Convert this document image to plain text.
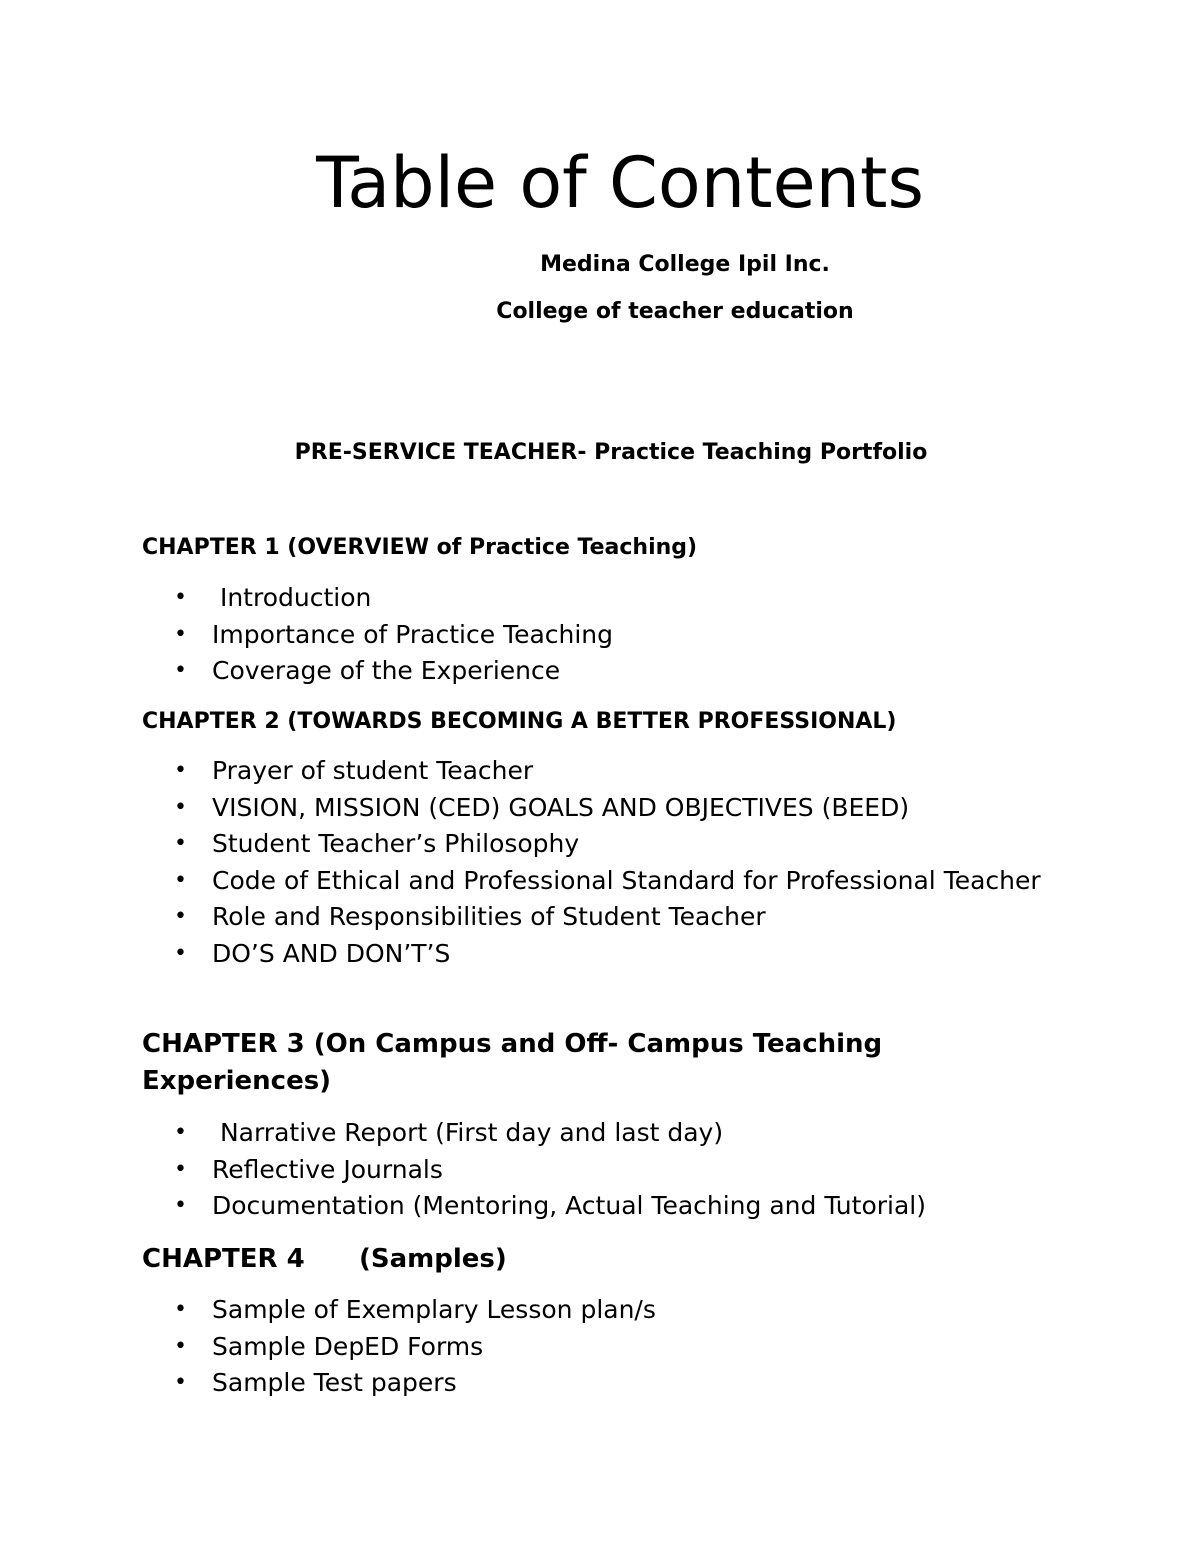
Table of Contents

Medina College Ipil Inc.

College of teacher education

PRE-SERVICE TEACHER- Practice Teaching Portfolio

CHAPTER 1 (OVERVIEW of Practice Teaching)

• Introduction
• Importance of Practice Teaching
• Coverage of the Experience

CHAPTER 2 (TOWARDS BECOMING A BETTER PROFESSIONAL)

• Prayer of student Teacher
• VISION, MISSION (CED) GOALS AND OBJECTIVES (BEED)
• Student Teacher’s Philosophy
• Code of Ethical and Professional Standard for Professional Teacher
• Role and Responsibilities of Student Teacher
• DO’S AND DON’T’S

CHAPTER 3 (On Campus and Off- Campus Teaching Experiences)

• Narrative Report (First day and last day)
• Reflective Journals
• Documentation (Mentoring, Actual Teaching and Tutorial)

CHAPTER 4      (Samples)

• Sample of Exemplary Lesson plan/s
• Sample DepED Forms
• Sample Test papers
